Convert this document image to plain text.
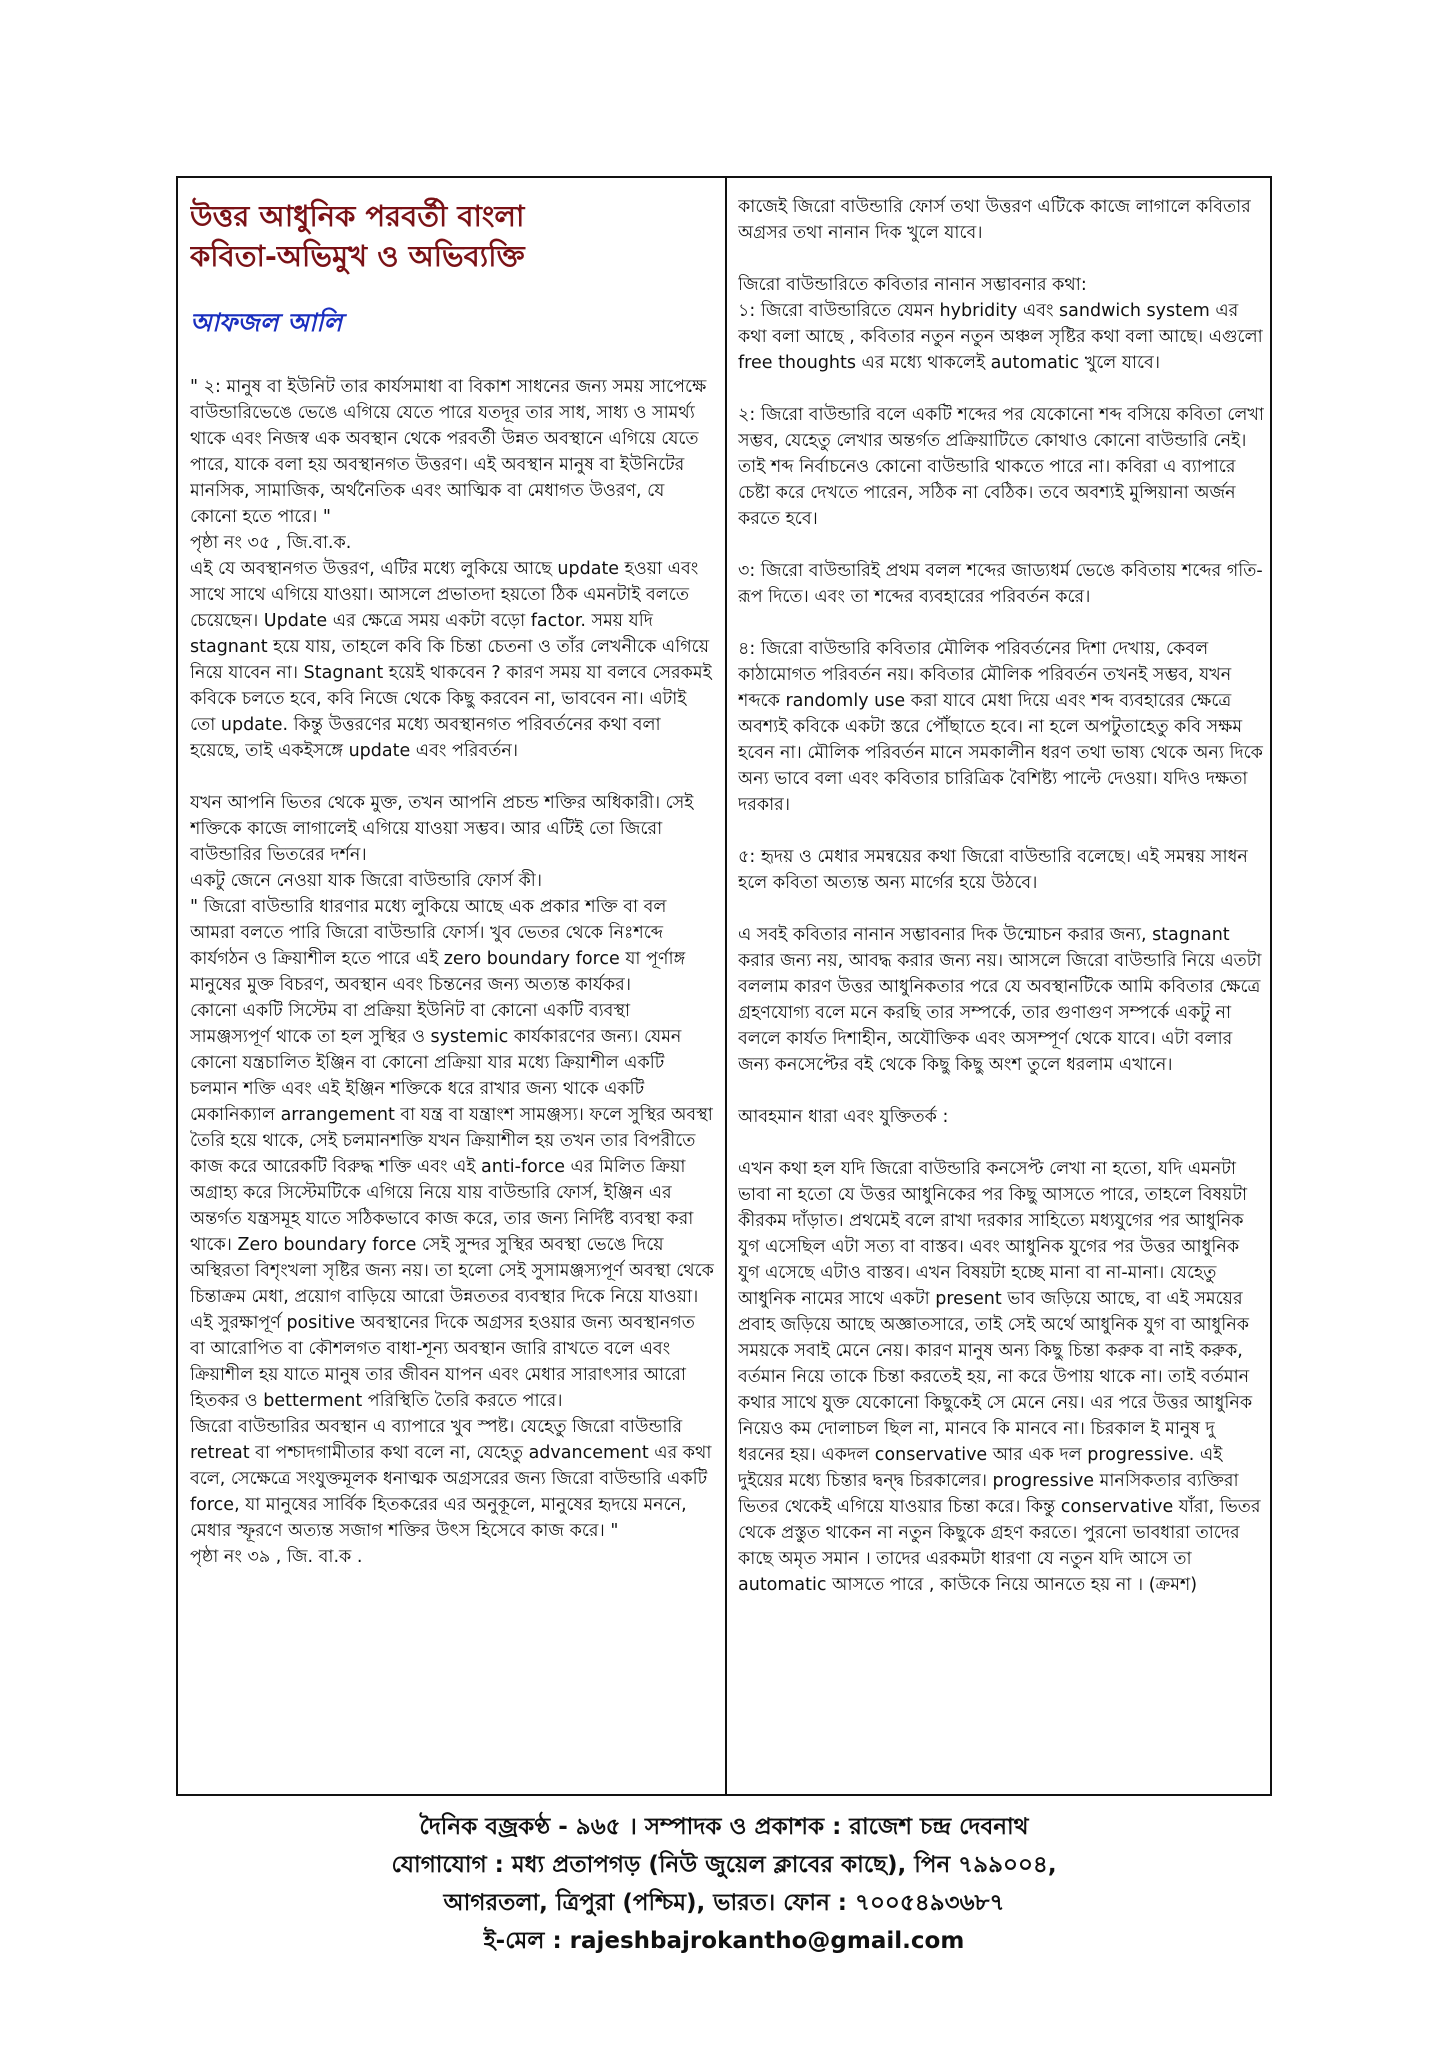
উত্তর আধুনিক পরবর্তী বাংলা
কবিতা-অভিমুখ ও অভিব্যক্তি
আফজল আলি

" ২: মানুষ বা ইউনিট তার কার্যসমাধা বা বিকাশ সাধনের জন্য সময় সাপেক্ষে বাউন্ডারিভেঙে ভেঙে এগিয়ে যেতে পারে যতদূর তার সাধ, সাধ্য ও সামর্থ্য থাকে এবং নিজস্ব এক অবস্থান থেকে পরবর্তী উন্নত অবস্থানে এগিয়ে যেতে পারে, যাকে বলা হয় অবস্থানগত উত্তরণ। এই অবস্থান মানুষ বা ইউনিটের মানসিক, সামাজিক, অর্থনৈতিক এবং আত্মিক বা মেধাগত উওরণ, যে কোনো হতে পারে। "

পৃষ্ঠা নং ৩৫ , জি.বা.ক.

এই যে অবস্থানগত উত্তরণ, এটির মধ্যে লুকিয়ে আছে update হওয়া এবং সাথে সাথে এগিয়ে যাওয়া। আসলে প্রভাতদা হয়তো ঠিক এমনটাই বলতে চেয়েছেন। Update এর ক্ষেত্রে সময় একটা বড়ো factor. সময় যদি stagnant হয়ে যায়, তাহলে কবি কি চিন্তা চেতনা ও তাঁর লেখনীকে এগিয়ে নিয়ে যাবেন না। Stagnant হয়েই থাকবেন ? কারণ সময় যা বলবে সেরকমই কবিকে চলতে হবে, কবি নিজে থেকে কিছু করবেন না, ভাববেন না। এটাই তো update. কিন্তু উত্তরণের মধ্যে অবস্থানগত পরিবর্তনের কথা বলা হয়েছে, তাই একইসঙ্গে update এবং পরিবর্তন।

যখন আপনি ভিতর থেকে মুক্ত, তখন আপনি প্রচন্ড শক্তির অধিকারী। সেই শক্তিকে কাজে লাগালেই এগিয়ে যাওয়া সম্ভব। আর এটিই তো জিরো বাউন্ডারির ভিতরের দর্শন।

একটু জেনে নেওয়া যাক জিরো বাউন্ডারি ফোর্স কী।

" জিরো বাউন্ডারি ধারণার মধ্যে লুকিয়ে আছে এক প্রকার শক্তি বা বল আমরা বলতে পারি জিরো বাউন্ডারি ফোর্স। খুব ভেতর থেকে নিঃশব্দে কার্যগঠন ও ক্রিয়াশীল হতে পারে এই zero boundary force যা পূর্ণাঙ্গ মানুষের মুক্ত বিচরণ, অবস্থান এবং চিন্তনের জন্য অত্যন্ত কার্যকর।

কোনো একটি সিস্টেম বা প্রক্রিয়া ইউনিট বা কোনো একটি ব্যবস্থা সামঞ্জস্যপূর্ণ থাকে তা হল সুস্থির ও systemic কার্যকারণের জন্য। যেমন কোনো যন্ত্রচালিত ইঞ্জিন বা কোনো প্রক্রিয়া যার মধ্যে ক্রিয়াশীল একটি চলমান শক্তি এবং এই ইঞ্জিন শক্তিকে ধরে রাখার জন্য থাকে একটি মেকানিক্যাল arrangement বা যন্ত্র বা যন্ত্রাংশ সামঞ্জস্য। ফলে সুস্থির অবস্থা তৈরি হয়ে থাকে, সেই চলমানশক্তি যখন ক্রিয়াশীল হয় তখন তার বিপরীতে কাজ করে আরেকটি বিরুদ্ধ শক্তি এবং এই anti-force এর মিলিত ক্রিয়া অগ্রাহ্য করে সিস্টেমটিকে এগিয়ে নিয়ে যায় বাউন্ডারি ফোর্স, ইঞ্জিন এর অন্তর্গত যন্ত্রসমূহ যাতে সঠিকভাবে কাজ করে, তার জন্য নির্দিষ্ট ব্যবস্থা করা থাকে। Zero boundary force সেই সুন্দর সুস্থির অবস্থা ভেঙে দিয়ে অস্থিরতা বিশৃংখলা সৃষ্টির জন্য নয়। তা হলো সেই সুসামঞ্জস্যপূর্ণ অবস্থা থেকে চিন্তাক্রম মেধা, প্রয়োগ বাড়িয়ে আরো উন্নততর ব্যবস্থার দিকে নিয়ে যাওয়া। এই সুরক্ষাপূর্ণ positive অবস্থানের দিকে অগ্রসর হওয়ার জন্য অবস্থানগত বা আরোপিত বা কৌশলগত বাধা-শূন্য অবস্থান জারি রাখতে বলে এবং ক্রিয়াশীল হয় যাতে মানুষ তার জীবন যাপন এবং মেধার সারাৎসার আরো হিতকর ও betterment পরিস্থিতি তৈরি করতে পারে।

জিরো বাউন্ডারির অবস্থান এ ব্যাপারে খুব স্পষ্ট। যেহেতু জিরো বাউন্ডারি retreat বা পশ্চাদগামীতার কথা বলে না, যেহেতু advancement এর কথা বলে, সেক্ষেত্রে সংযুক্তমূলক ধনাত্মক অগ্রসরের জন্য জিরো বাউন্ডারি একটি force, যা মানুষের সার্বিক হিতকরের এর অনুকূলে, মানুষের হৃদয়ে মননে, মেধার স্ফূরণে অত্যন্ত সজাগ শক্তির উৎস হিসেবে কাজ করে। "

পৃষ্ঠা নং ৩৯ , জি. বা.ক .

কাজেই জিরো বাউন্ডারি ফোর্স তথা উত্তরণ এটিকে কাজে লাগালে কবিতার অগ্রসর তথা নানান দিক খুলে যাবে।

জিরো বাউন্ডারিতে কবিতার নানান সম্ভাবনার কথা:

১: জিরো বাউন্ডারিতে যেমন hybridity এবং sandwich system এর কথা বলা আছে , কবিতার নতুন নতুন অঞ্চল সৃষ্টির কথা বলা আছে। এগুলো free thoughts এর মধ্যে থাকলেই automatic খুলে যাবে।

২: জিরো বাউন্ডারি বলে একটি শব্দের পর যেকোনো শব্দ বসিয়ে কবিতা লেখা সম্ভব, যেহেতু লেখার অন্তর্গত প্রক্রিয়াটিতে কোথাও কোনো বাউন্ডারি নেই। তাই শব্দ নির্বাচনেও কোনো বাউন্ডারি থাকতে পারে না। কবিরা এ ব্যাপারে চেষ্টা করে দেখতে পারেন, সঠিক না বেঠিক। তবে অবশ্যই মুন্সিয়ানা অর্জন করতে হবে।

৩: জিরো বাউন্ডারিই প্রথম বলল শব্দের জাড্যধর্ম ভেঙে কবিতায় শব্দের গতি-রূপ দিতে। এবং তা শব্দের ব্যবহারের পরিবর্তন করে।

৪: জিরো বাউন্ডারি কবিতার মৌলিক পরিবর্তনের দিশা দেখায়, কেবল কাঠামোগত পরিবর্তন নয়। কবিতার মৌলিক পরিবর্তন তখনই সম্ভব, যখন শব্দকে randomly use করা যাবে মেধা দিয়ে এবং শব্দ ব্যবহারের ক্ষেত্রে অবশ্যই কবিকে একটা স্তরে পৌঁছাতে হবে। না হলে অপটুতাহেতু কবি সক্ষম হবেন না। মৌলিক পরিবর্তন মানে সমকালীন ধরণ তথা ভাষ্য থেকে অন্য দিকে অন্য ভাবে বলা এবং কবিতার চারিত্রিক বৈশিষ্ট্য পাল্টে দেওয়া। যদিও দক্ষতা দরকার।

৫: হৃদয় ও মেধার সমন্বয়ের কথা জিরো বাউন্ডারি বলেছে। এই সমন্বয় সাধন হলে কবিতা অত্যন্ত অন্য মার্গের হয়ে উঠবে।

এ সবই কবিতার নানান সম্ভাবনার দিক উন্মোচন করার জন্য, stagnant করার জন্য নয়, আবদ্ধ করার জন্য নয়। আসলে জিরো বাউন্ডারি নিয়ে এতটা বললাম কারণ উত্তর আধুনিকতার পরে যে অবস্থানটিকে আমি কবিতার ক্ষেত্রে গ্রহণযোগ্য বলে মনে করছি তার সম্পর্কে, তার গুণাগুণ সম্পর্কে একটু না বললে কার্যত দিশাহীন, অযৌক্তিক এবং অসম্পূর্ণ থেকে যাবে। এটা বলার জন্য কনসেপ্টের বই থেকে কিছু কিছু অংশ তুলে ধরলাম এখানে।

আবহমান ধারা এবং যুক্তিতর্ক :

এখন কথা হল যদি জিরো বাউন্ডারি কনসেপ্ট লেখা না হতো, যদি এমনটা ভাবা না হতো যে উত্তর আধুনিকের পর কিছু আসতে পারে, তাহলে বিষয়টা কীরকম দাঁড়াত। প্রথমেই বলে রাখা দরকার সাহিত্যে মধ্যযুগের পর আধুনিক যুগ এসেছিল এটা সত্য বা বাস্তব। এবং আধুনিক যুগের পর উত্তর আধুনিক যুগ এসেছে এটাও বাস্তব। এখন বিষয়টা হচ্ছে মানা বা না-মানা। যেহেতু আধুনিক নামের সাথে একটা present ভাব জড়িয়ে আছে, বা এই সময়ের প্রবাহ জড়িয়ে আছে অজ্ঞাতসারে, তাই সেই অর্থে আধুনিক যুগ বা আধুনিক সময়কে সবাই মেনে নেয়। কারণ মানুষ অন্য কিছু চিন্তা করুক বা নাই করুক, বর্তমান নিয়ে তাকে চিন্তা করতেই হয়, না করে উপায় থাকে না। তাই বর্তমান কথার সাথে যুক্ত যেকোনো কিছুকেই সে মেনে নেয়। এর পরে উত্তর আধুনিক নিয়েও কম দোলাচল ছিল না, মানবে কি মানবে না। চিরকাল ই মানুষ দু ধরনের হয়। একদল conservative আর এক দল progressive. এই দুইয়ের মধ্যে চিন্তার দ্বন্দ্ব চিরকালের। progressive মানসিকতার ব্যক্তিরা ভিতর থেকেই এগিয়ে যাওয়ার চিন্তা করে। কিন্তু conservative যাঁরা, ভিতর থেকে প্রস্তুত থাকেন না নতুন কিছুকে গ্রহণ করতে। পুরনো ভাবধারা তাদের কাছে অমৃত সমান । তাদের এরকমটা ধারণা যে নতুন যদি আসে তা automatic আসতে পারে , কাউকে নিয়ে আনতে হয় না । (ক্রমশ)

দৈনিক বজ্রকণ্ঠ - ৯৬৫ । সম্পাদক ও প্রকাশক : রাজেশ চন্দ্র দেবনাথ
যোগাযোগ : মধ্য প্রতাপগড় (নিউ জুয়েল ক্লাবের কাছে), পিন ৭৯৯০০৪,
আগরতলা, ত্রিপুরা (পশ্চিম), ভারত। ফোন : ৭০০৫৪৯৩৬৮৭
ই-মেল : rajeshbajrokantho@gmail.com
